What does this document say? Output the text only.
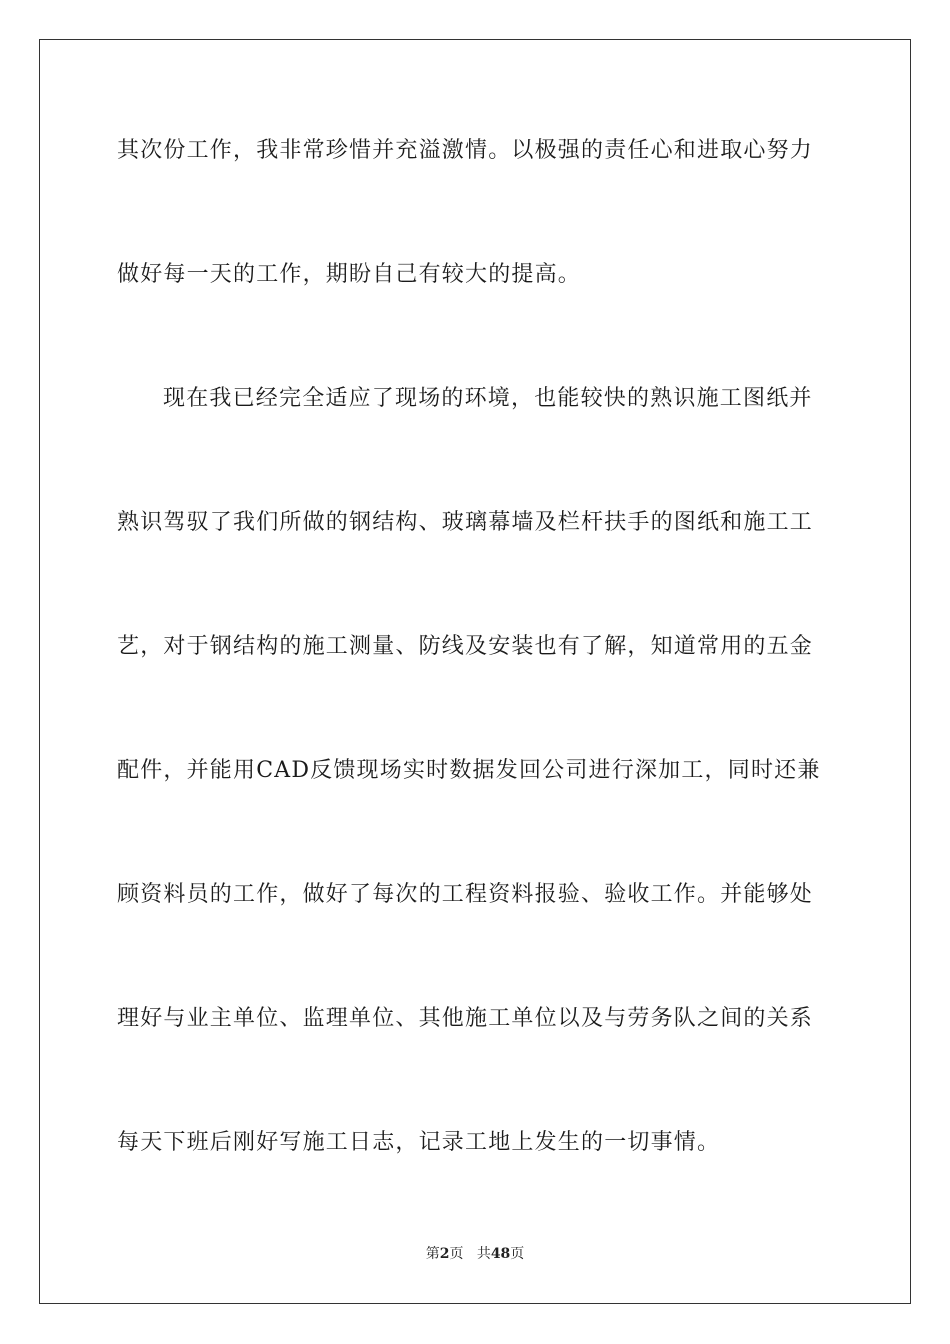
其次份工作，我非常珍惜并充溢激情。以极强的责任心和进取心努力
做好每一天的工作，期盼自己有较大的提高。
现在我已经完全适应了现场的环境，也能较快的熟识施工图纸并
熟识驾驭了我们所做的钢结构、玻璃幕墙及栏杆扶手的图纸和施工工
艺，对于钢结构的施工测量、防线及安装也有了解，知道常用的五金
配件，并能用CAD反馈现场实时数据发回公司进行深加工，同时还兼
顾资料员的工作，做好了每次的工程资料报验、验收工作。并能够处
理好与业主单位、监理单位、其他施工单位以及与劳务队之间的关系
每天下班后刚好写施工日志，记录工地上发生的一切事情。
第2页 共48页
